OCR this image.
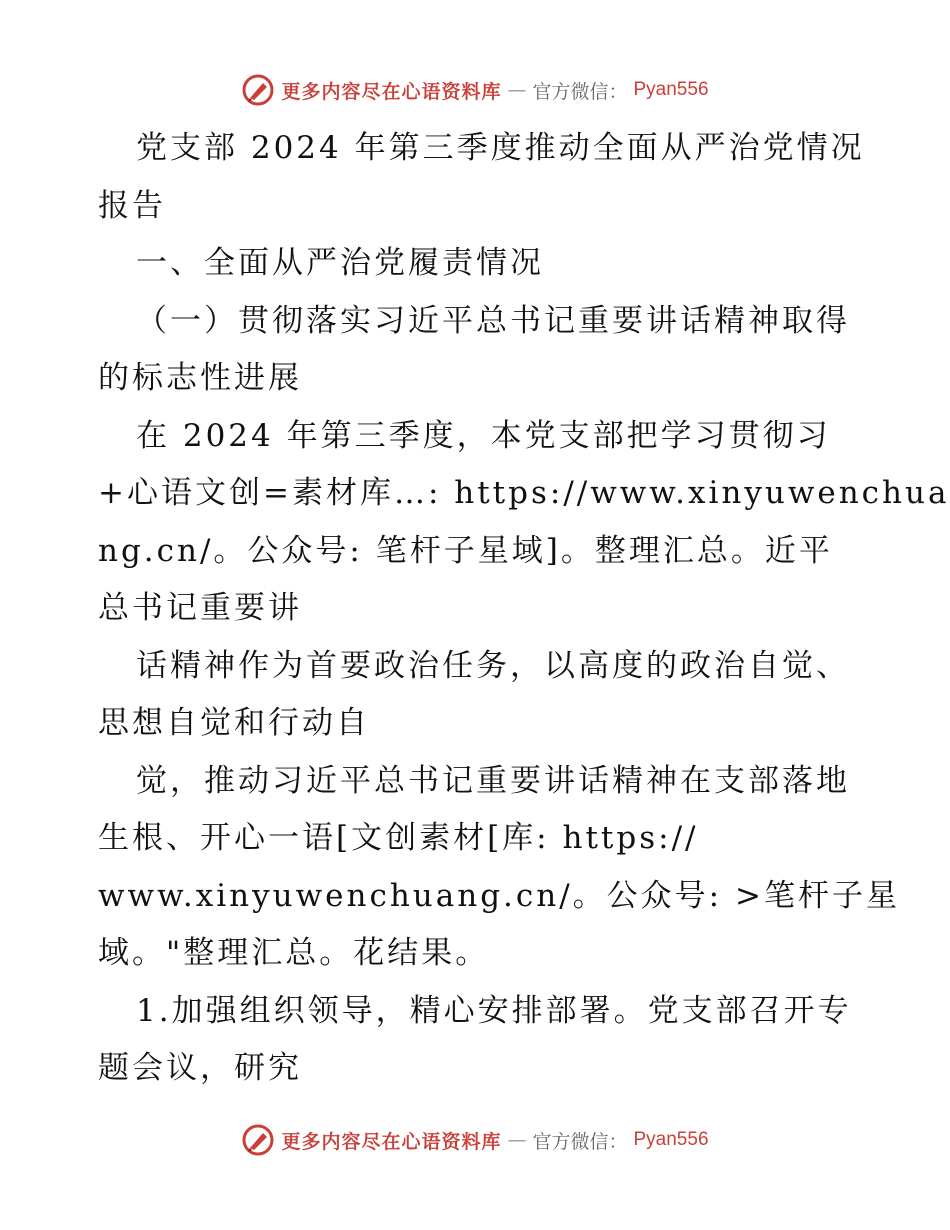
更多内容尽在心语资料库 — 官方微信： Pyan556
党支部 2024 年第三季度推动全面从严治党情况
报告
一、全面从严治党履责情况
（一）贯彻落实习近平总书记重要讲话精神取得
的标志性进展
在 2024 年第三季度，本党支部把学习贯彻习
+心语文创=素材库…: https://www.xinyuwenchua
ng.cn/。公众号: 笔杆子星域]。整理汇总。近平
总书记重要讲
话精神作为首要政治任务，以高度的政治自觉、
思想自觉和行动自
觉，推动习近平总书记重要讲话精神在支部落地
生根、开心一语[文创素材[库: https://
www.xinyuwenchuang.cn/。公众号: >笔杆子星
域。"整理汇总。花结果。
1.加强组织领导，精心安排部署。党支部召开专
题会议，研究
更多内容尽在心语资料库 — 官方微信： Pyan556
